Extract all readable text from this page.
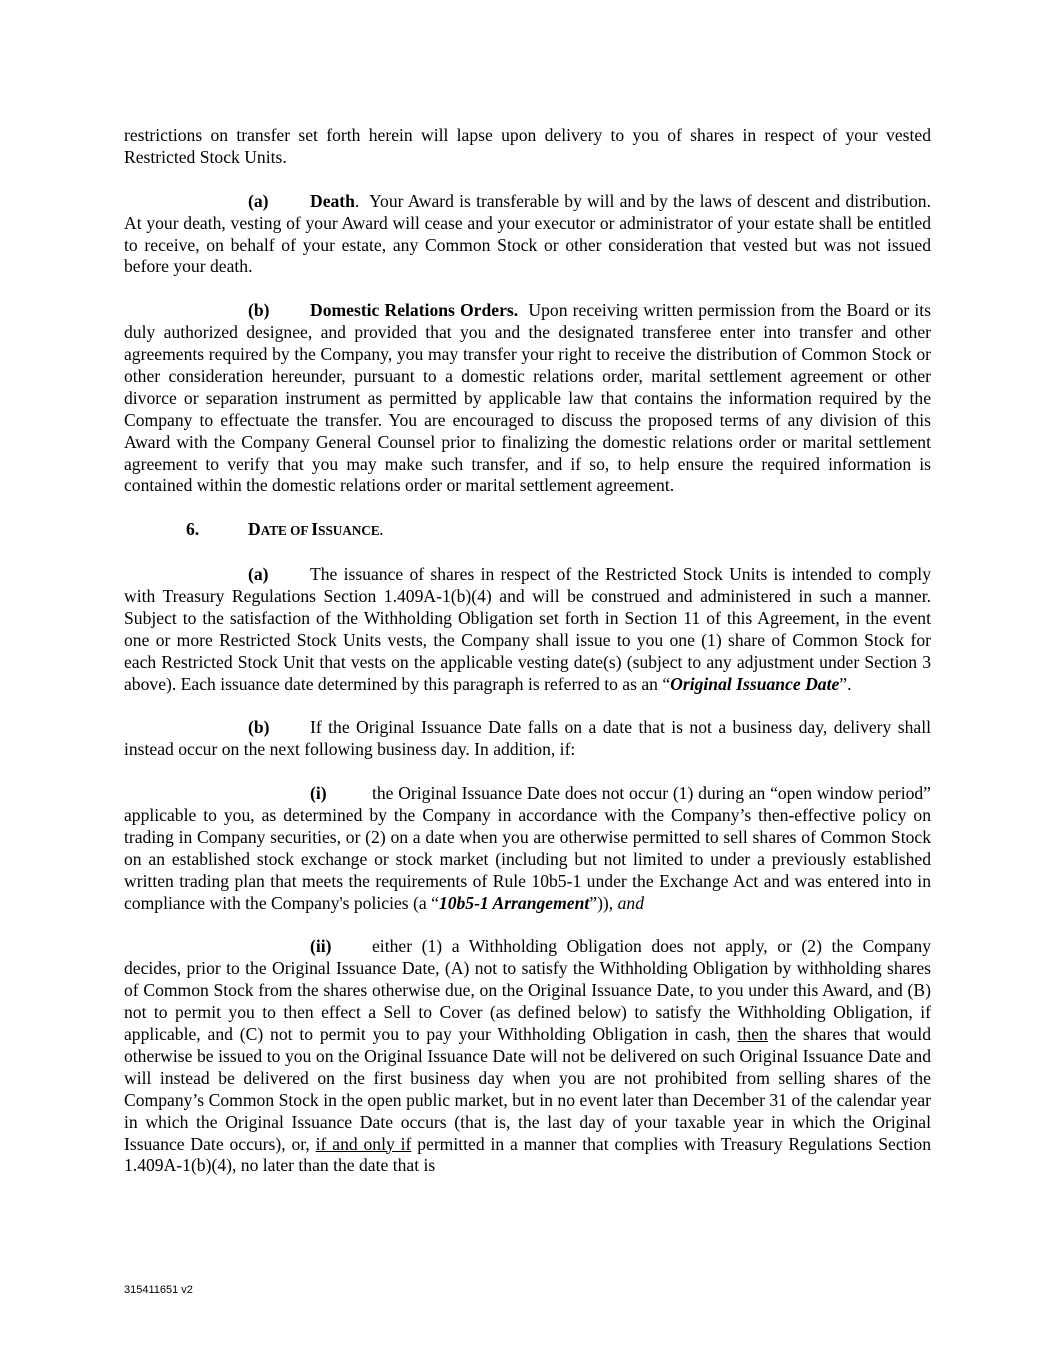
restrictions on transfer set forth herein will lapse upon delivery to you of shares in respect of your vested Restricted Stock Units.

(a) Death. Your Award is transferable by will and by the laws of descent and distribution. At your death, vesting of your Award will cease and your executor or administrator of your estate shall be entitled to receive, on behalf of your estate, any Common Stock or other consideration that vested but was not issued before your death.

(b) Domestic Relations Orders. Upon receiving written permission from the Board or its duly authorized designee, and provided that you and the designated transferee enter into transfer and other agreements required by the Company, you may transfer your right to receive the distribution of Common Stock or other consideration hereunder, pursuant to a domestic relations order, marital settlement agreement or other divorce or separation instrument as permitted by applicable law that contains the information required by the Company to effectuate the transfer. You are encouraged to discuss the proposed terms of any division of this Award with the Company General Counsel prior to finalizing the domestic relations order or marital settlement agreement to verify that you may make such transfer, and if so, to help ensure the required information is contained within the domestic relations order or marital settlement agreement.

6.	DATE OF ISSUANCE.

(a) The issuance of shares in respect of the Restricted Stock Units is intended to comply with Treasury Regulations Section 1.409A-1(b)(4) and will be construed and administered in such a manner. Subject to the satisfaction of the Withholding Obligation set forth in Section 11 of this Agreement, in the event one or more Restricted Stock Units vests, the Company shall issue to you one (1) share of Common Stock for each Restricted Stock Unit that vests on the applicable vesting date(s) (subject to any adjustment under Section 3 above). Each issuance date determined by this paragraph is referred to as an “Original Issuance Date”.

(b) If the Original Issuance Date falls on a date that is not a business day, delivery shall instead occur on the next following business day. In addition, if:

(i)	the Original Issuance Date does not occur (1) during an “open window period” applicable to you, as determined by the Company in accordance with the Company’s then-effective policy on trading in Company securities, or (2) on a date when you are otherwise permitted to sell shares of Common Stock on an established stock exchange or stock market (including but not limited to under a previously established written trading plan that meets the requirements of Rule 10b5-1 under the Exchange Act and was entered into in compliance with the Company's policies (a “10b5-1 Arrangement”)), and

(ii) either (1) a Withholding Obligation does not apply, or (2) the Company decides, prior to the Original Issuance Date, (A) not to satisfy the Withholding Obligation by withholding shares of Common Stock from the shares otherwise due, on the Original Issuance Date, to you under this Award, and (B) not to permit you to then effect a Sell to Cover (as defined below) to satisfy the Withholding Obligation, if applicable, and (C) not to permit you to pay your Withholding Obligation in cash, then the shares that would otherwise be issued to you on the Original Issuance Date will not be delivered on such Original Issuance Date and will instead be delivered on the first business day when you are not prohibited from selling shares of the Company’s Common Stock in the open public market, but in no event later than December 31 of the calendar year in which the Original Issuance Date occurs (that is, the last day of your taxable year in which the Original Issuance Date occurs), or, if and only if permitted in a manner that complies with Treasury Regulations Section 1.409A-1(b)(4), no later than the date that is

315411651 v2
